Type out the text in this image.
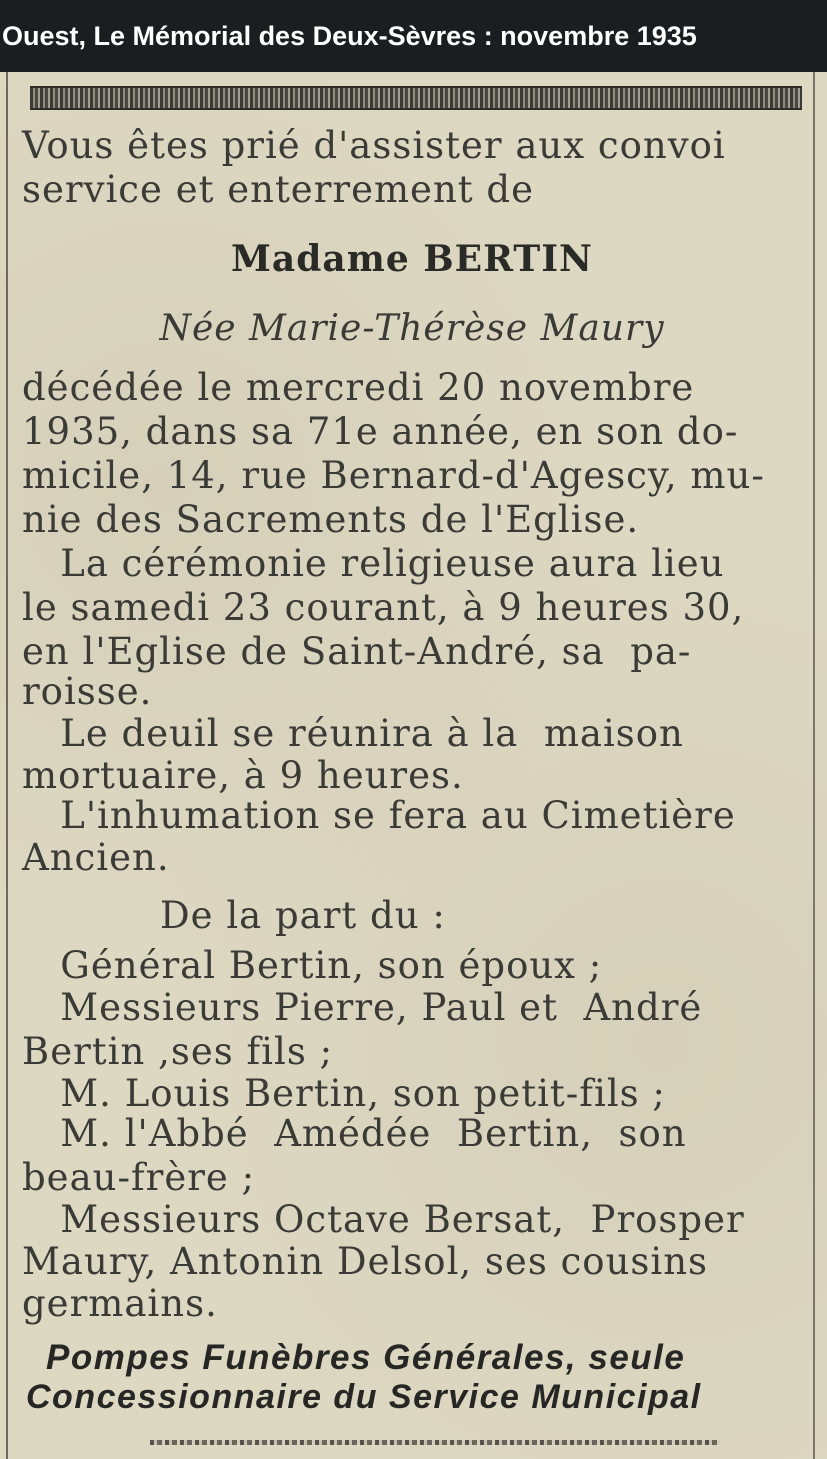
Ouest, Le Mémorial des Deux-Sèvres : novembre 1935
Vous êtes prié d'assister aux convoi
service et enterrement de
Madame BERTIN
Née Marie-Thérèse Maury
décédée le mercredi 20 novembre
1935, dans sa 71e année, en son do-
micile, 14, rue Bernard-d'Agescy, mu-
nie des Sacrements de l'Eglise.
La cérémonie religieuse aura lieu
le samedi 23 courant, à 9 heures 30,
en l'Eglise de Saint-André, sa  pa-
roisse.
Le deuil se réunira à la  maison
mortuaire, à 9 heures.
L'inhumation se fera au Cimetière
Ancien.
De la part du :
Général Bertin, son époux ;
Messieurs Pierre, Paul et  André
Bertin ,ses fils ;
M. Louis Bertin, son petit-fils ;
M. l'Abbé  Amédée  Bertin,  son
beau-frère ;
Messieurs Octave Bersat,  Prosper
Maury, Antonin Delsol, ses cousins
germains.
Pompes Funèbres Générales, seule
Concessionnaire du Service Municipal
